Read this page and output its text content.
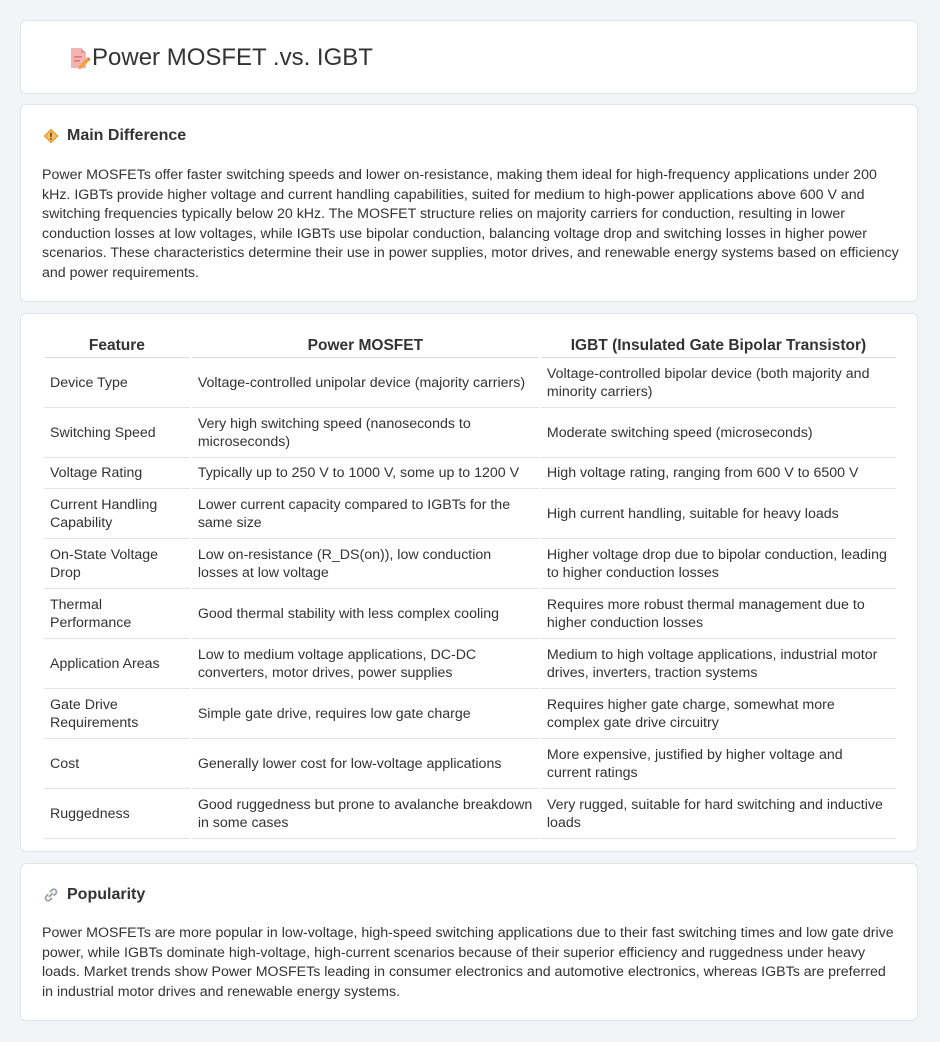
Power MOSFET .vs. IGBT
Main Difference

Power MOSFETs offer faster switching speeds and lower on-resistance, making them ideal for high-frequency applications under 200 kHz. IGBTs provide higher voltage and current handling capabilities, suited for medium to high-power applications above 600 V and switching frequencies typically below 20 kHz. The MOSFET structure relies on majority carriers for conduction, resulting in lower conduction losses at low voltages, while IGBTs use bipolar conduction, balancing voltage drop and switching losses in higher power scenarios. These characteristics determine their use in power supplies, motor drives, and renewable energy systems based on efficiency and power requirements.

Feature	Power MOSFET	IGBT (Insulated Gate Bipolar Transistor)
Device Type	Voltage-controlled unipolar device (majority carriers)	Voltage-controlled bipolar device (both majority and minority carriers)
Switching Speed	Very high switching speed (nanoseconds to microseconds)	Moderate switching speed (microseconds)
Voltage Rating	Typically up to 250 V to 1000 V, some up to 1200 V	High voltage rating, ranging from 600 V to 6500 V
Current Handling Capability	Lower current capacity compared to IGBTs for the same size	High current handling, suitable for heavy loads
On-State Voltage Drop	Low on-resistance (R_DS(on)), low conduction losses at low voltage	Higher voltage drop due to bipolar conduction, leading to higher conduction losses
Thermal Performance	Good thermal stability with less complex cooling	Requires more robust thermal management due to higher conduction losses
Application Areas	Low to medium voltage applications, DC-DC converters, motor drives, power supplies	Medium to high voltage applications, industrial motor drives, inverters, traction systems
Gate Drive Requirements	Simple gate drive, requires low gate charge	Requires higher gate charge, somewhat more complex gate drive circuitry
Cost	Generally lower cost for low-voltage applications	More expensive, justified by higher voltage and current ratings
Ruggedness	Good ruggedness but prone to avalanche breakdown in some cases	Very rugged, suitable for hard switching and inductive loads
Popularity

Power MOSFETs are more popular in low-voltage, high-speed switching applications due to their fast switching times and low gate drive power, while IGBTs dominate high-voltage, high-current scenarios because of their superior efficiency and ruggedness under heavy loads. Market trends show Power MOSFETs leading in consumer electronics and automotive electronics, whereas IGBTs are preferred in industrial motor drives and renewable energy systems.
